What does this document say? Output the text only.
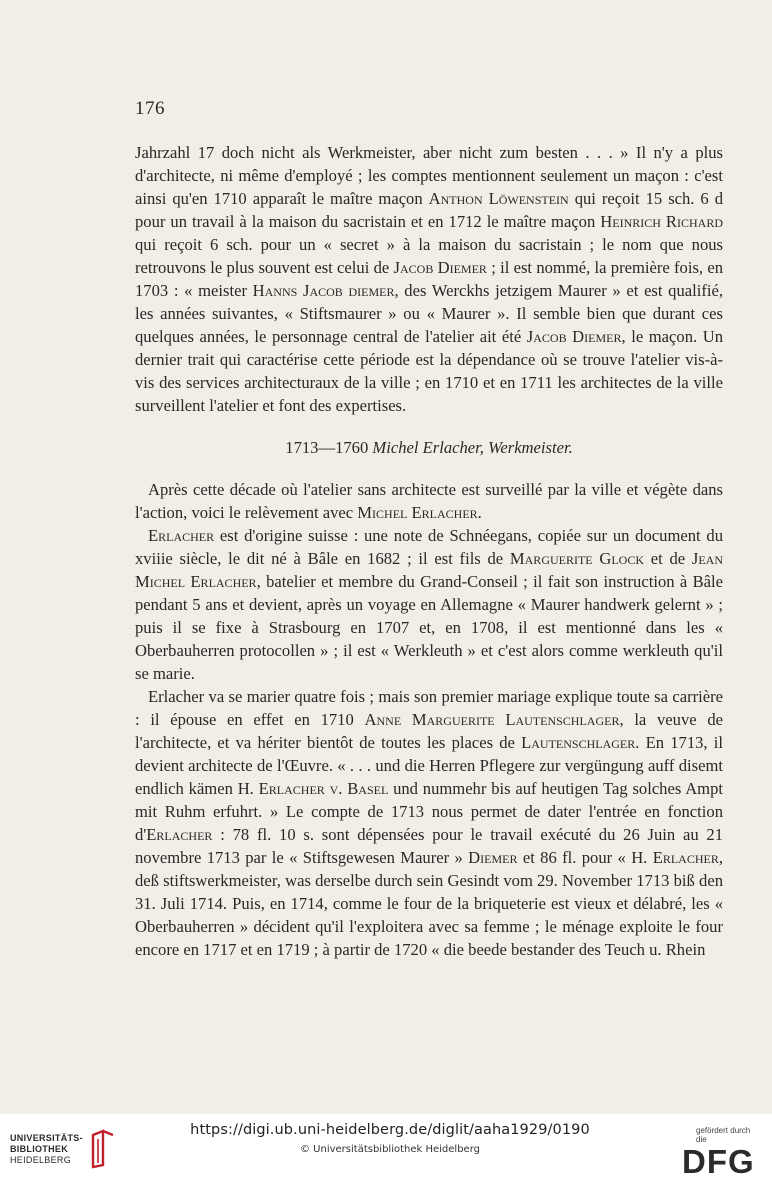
176

Jahrzahl 17 doch nicht als Werkmeister, aber nicht zum besten . . . » Il n'y a plus d'architecte, ni même d'employé ; les comptes mentionnent seulement un maçon : c'est ainsi qu'en 1710 apparaît le maître maçon Anthon Löwenstein qui reçoit 15 sch. 6 d pour un travail à la maison du sacristain et en 1712 le maître maçon Heinrich Richard qui reçoit 6 sch. pour un « secret » à la maison du sacristain ; le nom que nous retrouvons le plus souvent est celui de Jacob Diemer ; il est nommé, la première fois, en 1703 : « meister Hanns Jacob diemer, des Werckhs jetzigem Maurer » et est qualifié, les années suivantes, « Stiftsmaurer » ou « Maurer ». Il semble bien que durant ces quelques années, le personnage central de l'atelier ait été Jacob Diemer, le maçon. Un dernier trait qui caractérise cette période est la dépendance où se trouve l'atelier vis-à-vis des services architecturaux de la ville ; en 1710 et en 1711 les architectes de la ville surveillent l'atelier et font des expertises.

1713—1760 Michel Erlacher, Werkmeister.

Après cette décade où l'atelier sans architecte est surveillé par la ville et végète dans l'action, voici le relèvement avec Michel Erlacher.

Erlacher est d'origine suisse : une note de Schnéegans, copiée sur un document du xviiie siècle, le dit né à Bâle en 1682 ; il est fils de Marguerite Glock et de Jean Michel Erlacher, batelier et membre du Grand-Conseil ; il fait son instruction à Bâle pendant 5 ans et devient, après un voyage en Allemagne « Maurer handwerk gelernt » ; puis il se fixe à Strasbourg en 1707 et, en 1708, il est mentionné dans les « Oberbauherren protocollen » ; il est « Werkleuth » et c'est alors comme werkleuth qu'il se marie.

Erlacher va se marier quatre fois ; mais son premier mariage explique toute sa carrière : il épouse en effet en 1710 Anne Marguerite Lautenschlager, la veuve de l'architecte, et va hériter bientôt de toutes les places de Lautenschlager. En 1713, il devient architecte de l'Œuvre. « . . . und die Herren Pflegere zur vergüngung auff disemt endlich kämen H. Erlacher v. Basel und nummehr bis auf heutigen Tag solches Ampt mit Ruhm erfuhrt. » Le compte de 1713 nous permet de dater l'entrée en fonction d'Erlacher : 78 fl. 10 s. sont dépensées pour le travail exécuté du 26 Juin au 21 novembre 1713 par le « Stiftsgewesen Maurer » Diemer et 86 fl. pour « H. Erlacher, deß stiftswerkmeister, was derselbe durch sein Gesindt vom 29. November 1713 biß den 31. Juli 1714. Puis, en 1714, comme le four de la briqueterie est vieux et délabré, les « Oberbauherren » décident qu'il l'exploitera avec sa femme ; le ménage exploite le four encore en 1717 et en 1719 ; à partir de 1720 « die beede bestander des Teuch u. Rhein

UNIVERSITÄTS-
BIBLIOTHEK
HEIDELBERG
https://digi.ub.uni-heidelberg.de/diglit/aaha1929/0190
© Universitätsbibliothek Heidelberg
gefördert durch die
DFG
